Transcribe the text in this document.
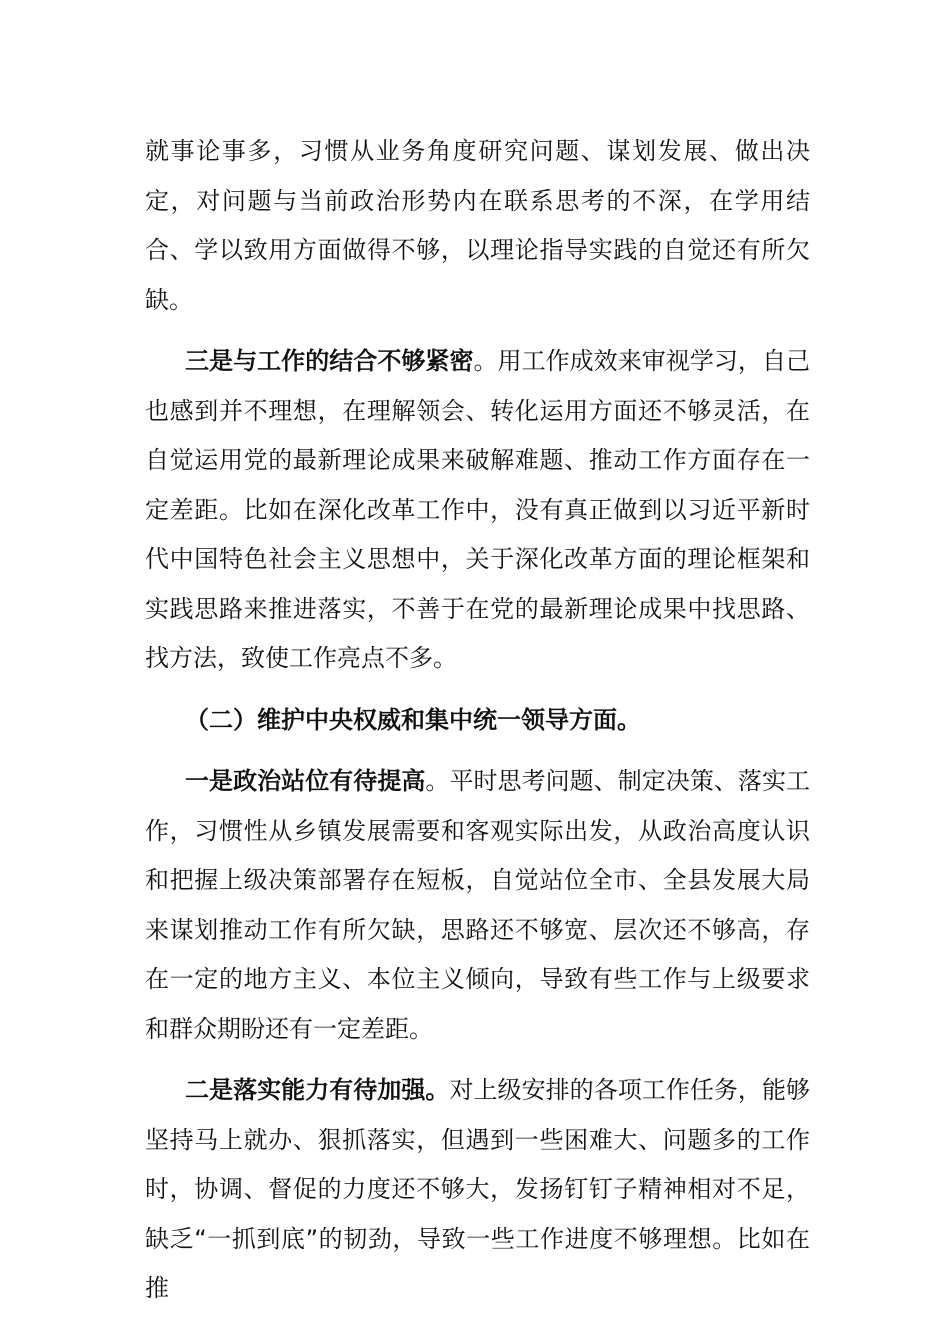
就事论事多，习惯从业务角度研究问题、谋划发展、做出决定，对问题与当前政治形势内在联系思考的不深，在学用结合、学以致用方面做得不够，以理论指导实践的自觉还有所欠缺。

三是与工作的结合不够紧密。用工作成效来审视学习，自己也感到并不理想，在理解领会、转化运用方面还不够灵活，在自觉运用党的最新理论成果来破解难题、推动工作方面存在一定差距。比如在深化改革工作中，没有真正做到以习近平新时代中国特色社会主义思想中，关于深化改革方面的理论框架和实践思路来推进落实，不善于在党的最新理论成果中找思路、找方法，致使工作亮点不多。

（二）维护中央权威和集中统一领导方面。

一是政治站位有待提高。平时思考问题、制定决策、落实工作，习惯性从乡镇发展需要和客观实际出发，从政治高度认识和把握上级决策部署存在短板，自觉站位全市、全县发展大局来谋划推动工作有所欠缺，思路还不够宽、层次还不够高，存在一定的地方主义、本位主义倾向，导致有些工作与上级要求和群众期盼还有一定差距。

二是落实能力有待加强。对上级安排的各项工作任务，能够坚持马上就办、狠抓落实，但遇到一些困难大、问题多的工作时，协调、督促的力度还不够大，发扬钉钉子精神相对不足，缺乏“一抓到底”的韧劲，导致一些工作进度不够理想。比如在推
